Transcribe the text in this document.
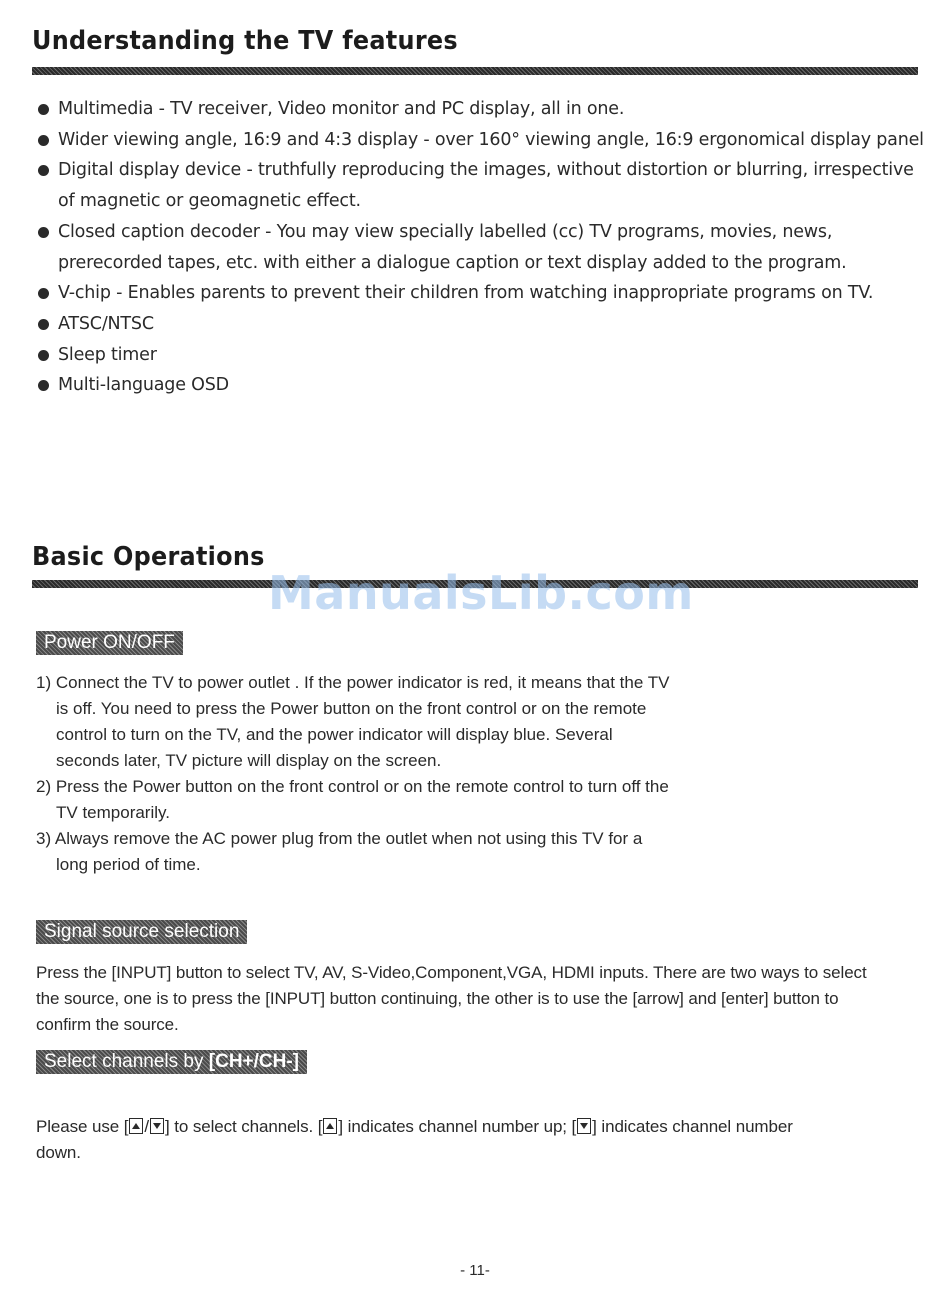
Understanding the TV features
Multimedia - TV receiver, Video monitor and PC display, all in one.
Wider viewing angle, 16:9 and 4:3 display - over 160° viewing angle, 16:9 ergonomical display panel
Digital display device - truthfully reproducing the images, without distortion or blurring, irrespective
of magnetic or geomagnetic effect.
Closed caption decoder - You may view specially labelled (cc) TV programs, movies, news,
prerecorded tapes, etc. with either a dialogue caption or text display added to the program.
V-chip - Enables parents to prevent their children from watching inappropriate programs on TV.
ATSC/NTSC
Sleep timer
Multi-language OSD
Basic Operations

ManualsLib.com

Power ON/OFF
1) Connect the TV to power outlet . If the power indicator is red, it means that the TV is off. You need to press the Power button on the front control or on the remote control to turn on the TV, and the power indicator will display blue. Several seconds later, TV picture will display on the screen.
2) Press the Power button on the front control or on the remote control to turn off the TV temporarily.
3) Always remove the AC power plug from the outlet when not using this TV for a long period of time.
Signal source selection

Press the [INPUT] button to select TV, AV, S-Video,Component,VGA, HDMI inputs. There are two ways to select the source, one is to press the [INPUT] button continuing, the other is to use the [arrow] and [enter] button to confirm the source.

Select channels by [CH+/CH-]

Please use [ / ] to select channels. [ ] indicates channel number up; [ ] indicates channel number down.

- 11-
